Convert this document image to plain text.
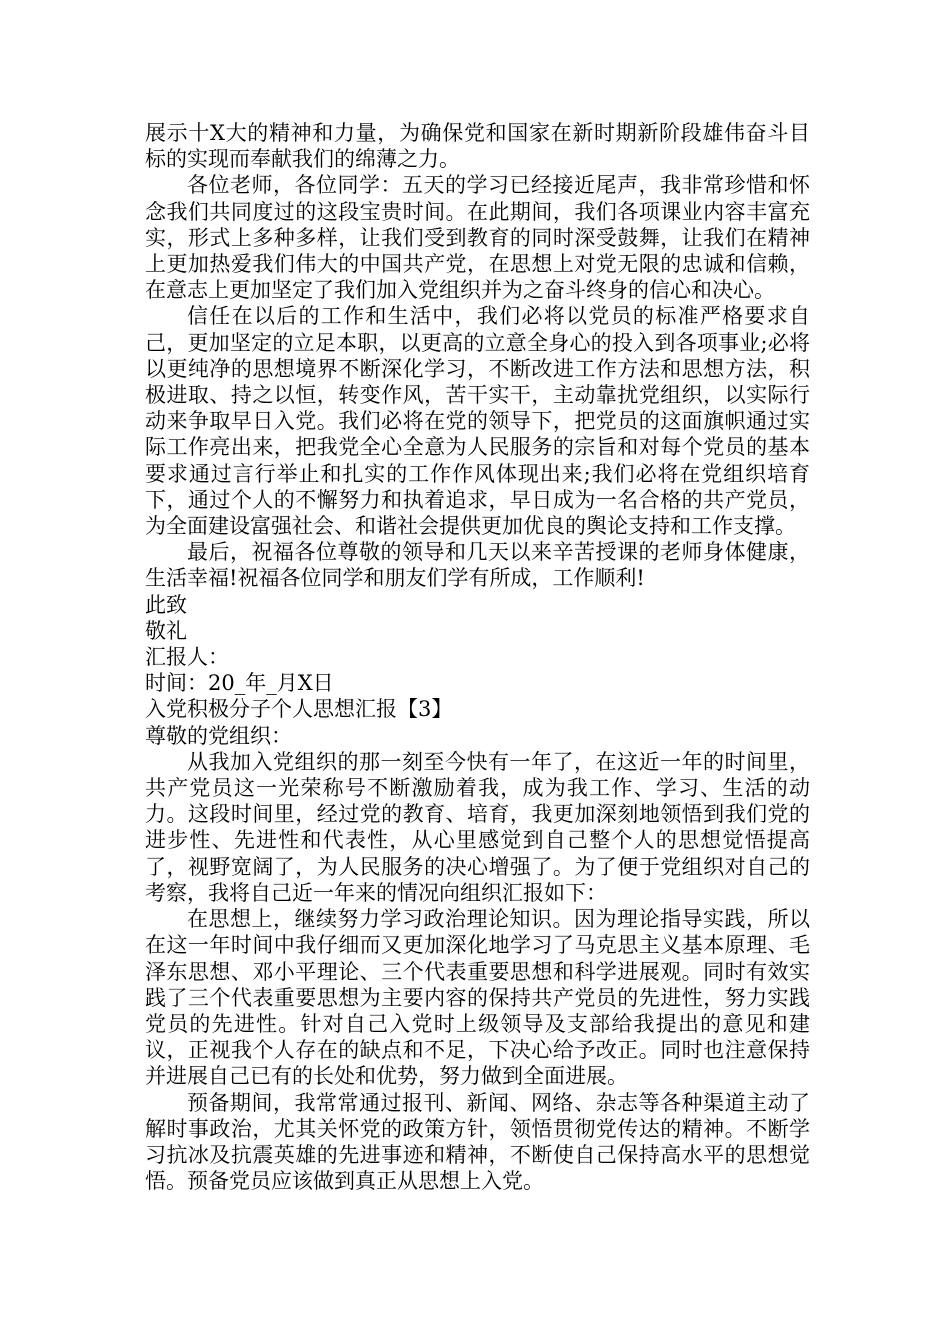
展示十X大的精神和力量，为确保党和国家在新时期新阶段雄伟奋斗目标的实现而奉献我们的绵薄之力。

各位老师，各位同学：五天的学习已经接近尾声，我非常珍惜和怀念我们共同度过的这段宝贵时间。在此期间，我们各项课业内容丰富充实，形式上多种多样，让我们受到教育的同时深受鼓舞，让我们在精神上更加热爱我们伟大的中国共产党，在思想上对党无限的忠诚和信赖，在意志上更加坚定了我们加入党组织并为之奋斗终身的信心和决心。

信任在以后的工作和生活中，我们必将以党员的标准严格要求自己，更加坚定的立足本职，以更高的立意全身心的投入到各项事业;必将以更纯净的思想境界不断深化学习，不断改进工作方法和思想方法，积极进取、持之以恒，转变作风，苦干实干，主动靠扰党组织，以实际行动来争取早日入党。我们必将在党的领导下，把党员的这面旗帜通过实际工作亮出来，把我党全心全意为人民服务的宗旨和对每个党员的基本要求通过言行举止和扎实的工作作风体现出来;我们必将在党组织培育下，通过个人的不懈努力和执着追求，早日成为一名合格的共产党员，为全面建设富强社会、和谐社会提供更加优良的舆论支持和工作支撑。

最后，祝福各位尊敬的领导和几天以来辛苦授课的老师身体健康，生活幸福!祝福各位同学和朋友们学有所成，工作顺利!

此致

敬礼

汇报人：

时间：20_年_月X日

入党积极分子个人思想汇报【3】

尊敬的党组织：

从我加入党组织的那一刻至今快有一年了，在这近一年的时间里，共产党员这一光荣称号不断激励着我，成为我工作、学习、生活的动力。这段时间里，经过党的教育、培育，我更加深刻地领悟到我们党的进步性、先进性和代表性，从心里感觉到自己整个人的思想觉悟提高了，视野宽阔了，为人民服务的决心增强了。为了便于党组织对自己的考察，我将自己近一年来的情况向组织汇报如下：

在思想上，继续努力学习政治理论知识。因为理论指导实践，所以在这一年时间中我仔细而又更加深化地学习了马克思主义基本原理、毛泽东思想、邓小平理论、三个代表重要思想和科学进展观。同时有效实践了三个代表重要思想为主要内容的保持共产党员的先进性，努力实践党员的先进性。针对自己入党时上级领导及支部给我提出的意见和建议，正视我个人存在的缺点和不足，下决心给予改正。同时也注意保持并进展自己已有的长处和优势，努力做到全面进展。

预备期间，我常常通过报刊、新闻、网络、杂志等各种渠道主动了解时事政治，尤其关怀党的政策方针，领悟贯彻党传达的精神。不断学习抗冰及抗震英雄的先进事迹和精神，不断使自己保持高水平的思想觉悟。预备党员应该做到真正从思想上入党。
